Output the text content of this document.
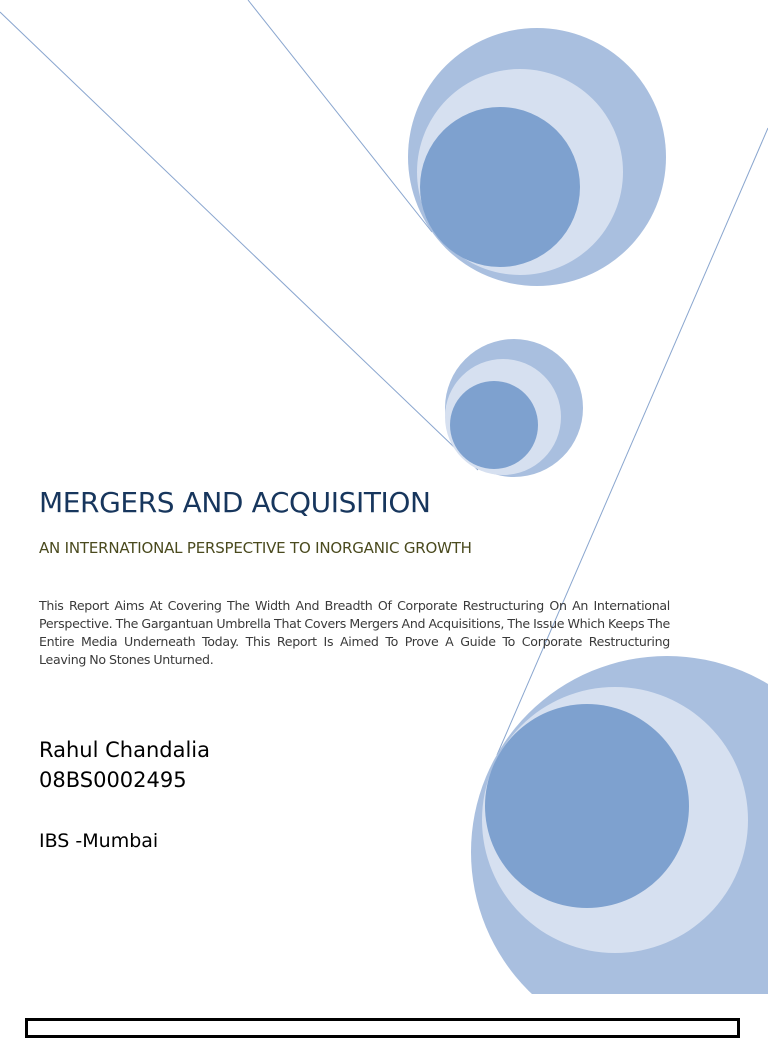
MERGERS AND ACQUISITION
AN INTERNATIONAL PERSPECTIVE TO INORGANIC GROWTH

This Report Aims At Covering The Width And Breadth Of Corporate Restructuring On An International Perspective. The Gargantuan Umbrella That Covers Mergers And Acquisitions, The Issue Which Keeps The Entire Media Underneath Today. This Report Is Aimed To Prove A Guide To Corporate Restructuring Leaving No Stones Unturned.

Rahul Chandalia
08BS0002495
IBS -Mumbai
